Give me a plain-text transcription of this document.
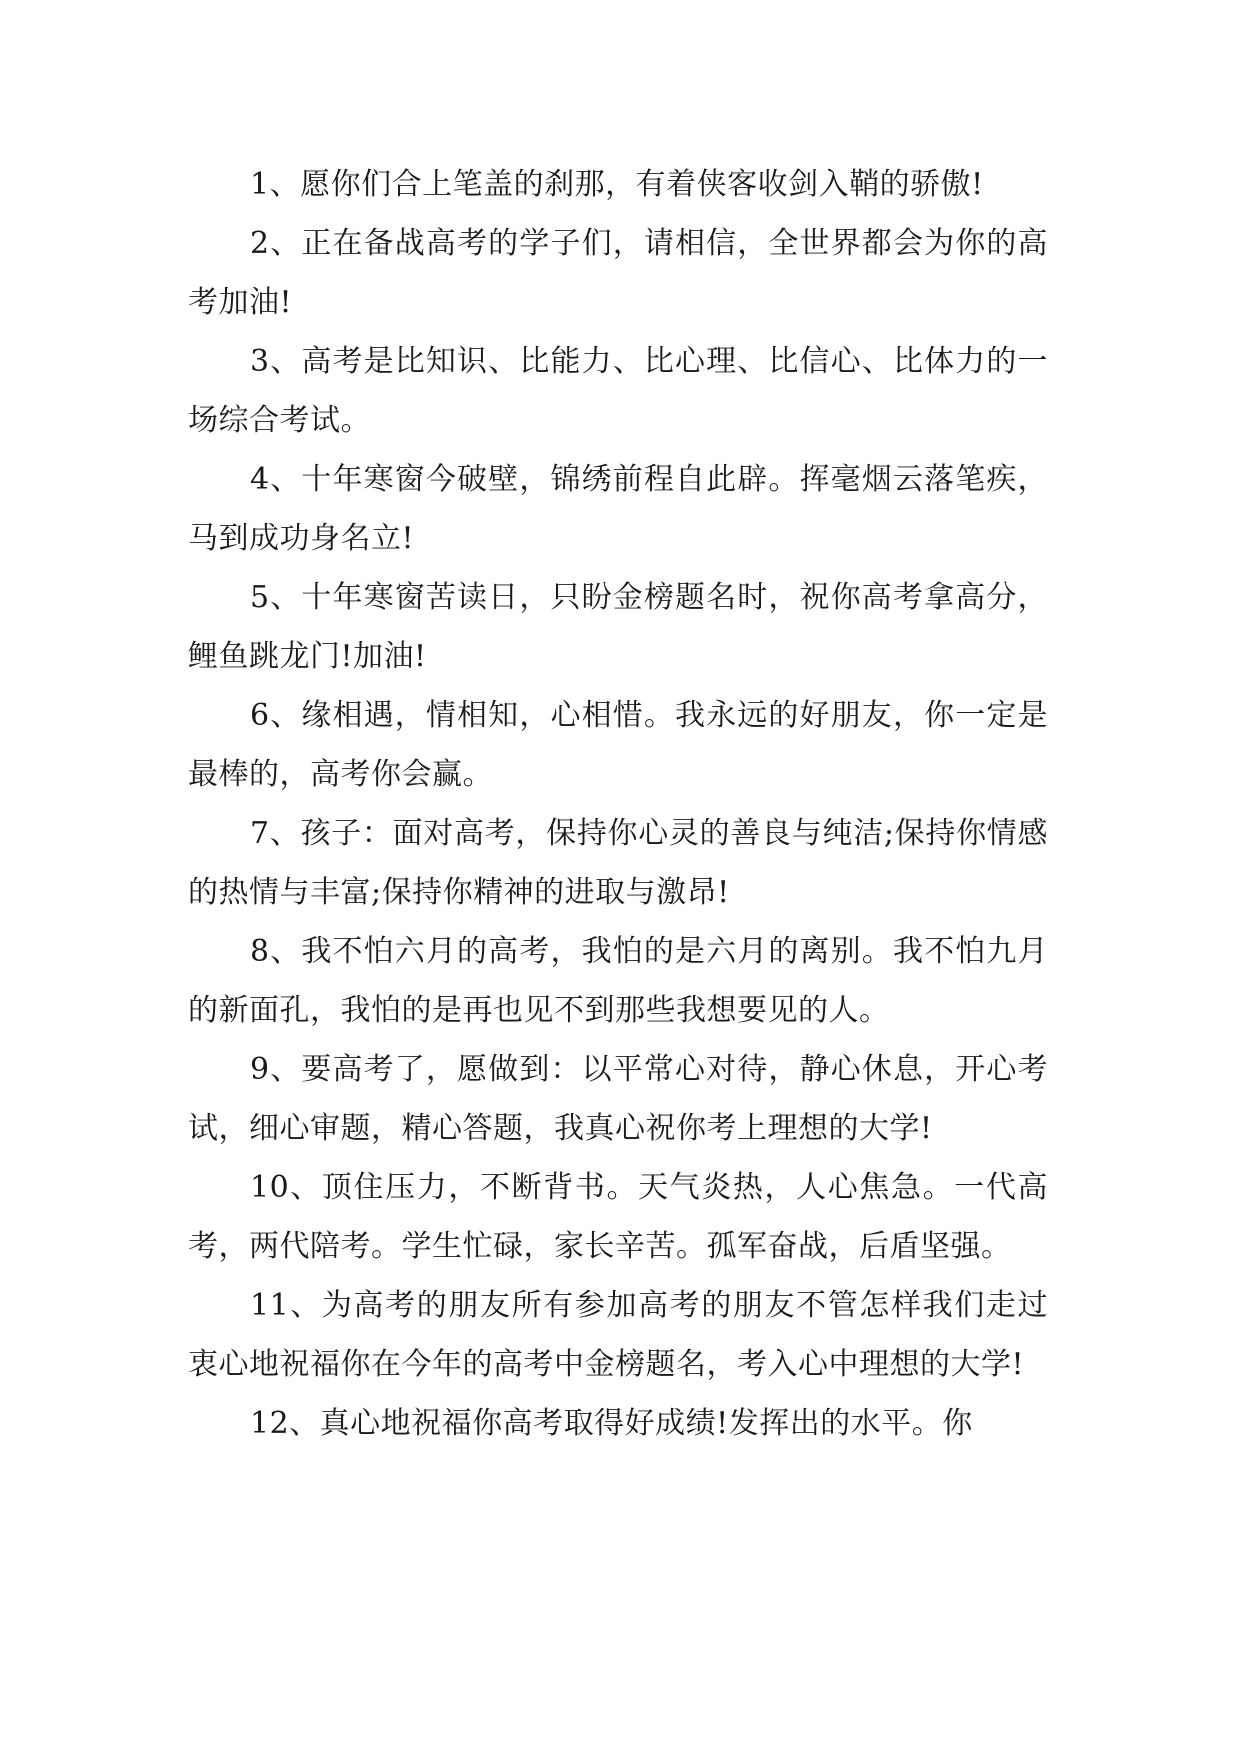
1、愿你们合上笔盖的刹那，有着侠客收剑入鞘的骄傲!

2、正在备战高考的学子们，请相信，全世界都会为你的高考加油!

3、高考是比知识、比能力、比心理、比信心、比体力的一场综合考试。

4、十年寒窗今破壁，锦绣前程自此辟。挥毫烟云落笔疾，马到成功身名立!

5、十年寒窗苦读日，只盼金榜题名时，祝你高考拿高分，鲤鱼跳龙门!加油!

6、缘相遇，情相知，心相惜。我永远的好朋友，你一定是最棒的，高考你会赢。

7、孩子：面对高考，保持你心灵的善良与纯洁;保持你情感的热情与丰富;保持你精神的进取与激昂!

8、我不怕六月的高考，我怕的是六月的离别。我不怕九月的新面孔，我怕的是再也见不到那些我想要见的人。

9、要高考了，愿做到：以平常心对待，静心休息，开心考试，细心审题，精心答题，我真心祝你考上理想的大学!

10、顶住压力，不断背书。天气炎热，人心焦急。一代高考，两代陪考。学生忙碌，家长辛苦。孤军奋战，后盾坚强。

11、为高考的朋友所有参加高考的朋友不管怎样我们走过衷心地祝福你在今年的高考中金榜题名，考入心中理想的大学!

12、真心地祝福你高考取得好成绩!发挥出的水平。你
